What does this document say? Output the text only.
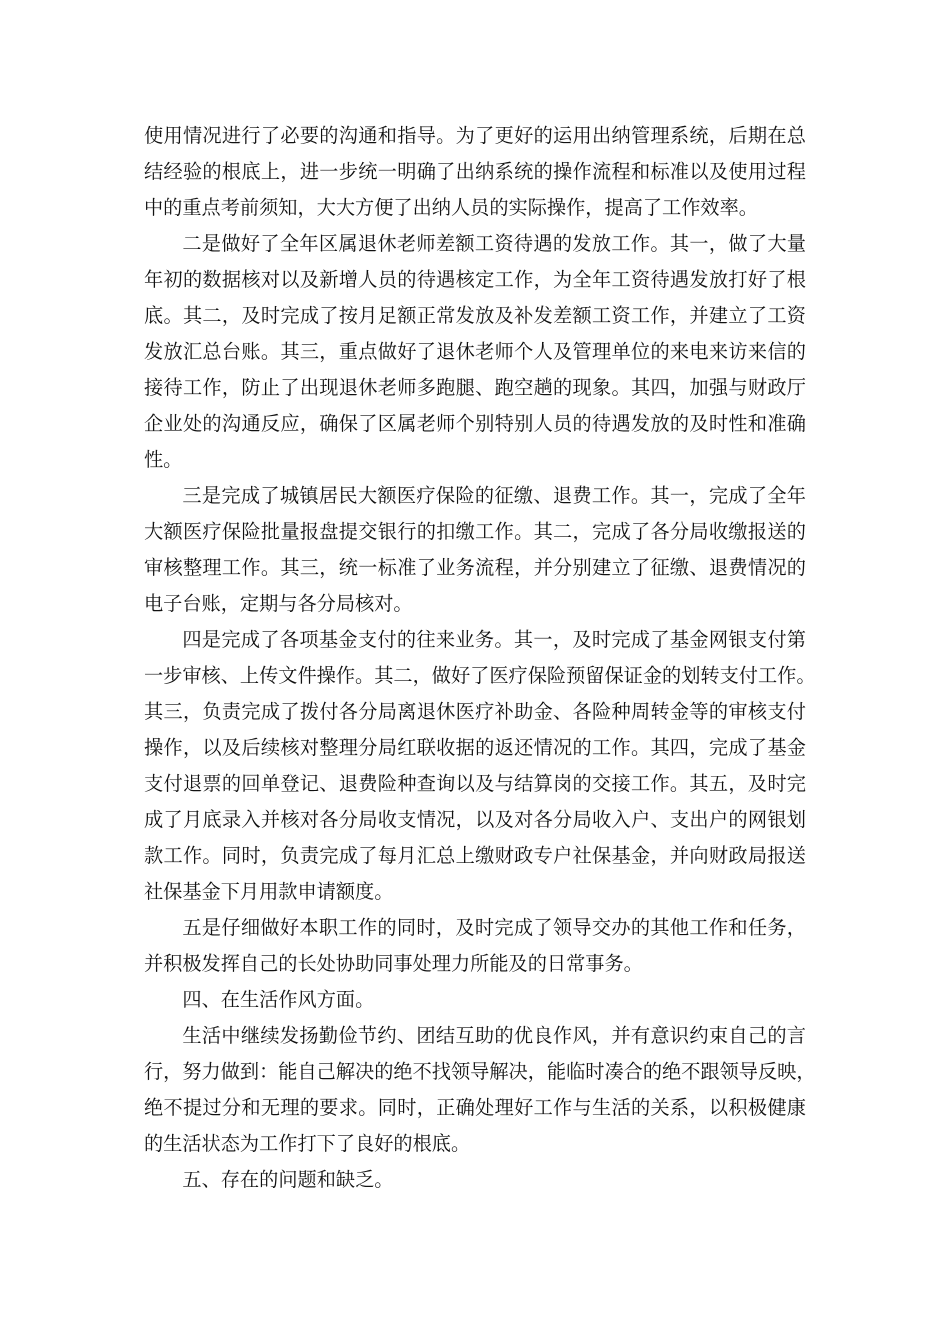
使用情况进行了必要的沟通和指导。为了更好的运用出纳管理系统，后期在总
结经验的根底上，进一步统一明确了出纳系统的操作流程和标准以及使用过程
中的重点考前须知，大大方便了出纳人员的实际操作，提高了工作效率。

二是做好了全年区属退休老师差额工资待遇的发放工作。其一，做了大量
年初的数据核对以及新增人员的待遇核定工作，为全年工资待遇发放打好了根
底。其二，及时完成了按月足额正常发放及补发差额工资工作，并建立了工资
发放汇总台账。其三，重点做好了退休老师个人及管理单位的来电来访来信的
接待工作，防止了出现退休老师多跑腿、跑空趟的现象。其四，加强与财政厅
企业处的沟通反应，确保了区属老师个别特别人员的待遇发放的及时性和准确
性。

三是完成了城镇居民大额医疗保险的征缴、退费工作。其一，完成了全年
大额医疗保险批量报盘提交银行的扣缴工作。其二，完成了各分局收缴报送的
审核整理工作。其三，统一标准了业务流程，并分别建立了征缴、退费情况的
电子台账，定期与各分局核对。

四是完成了各项基金支付的往来业务。其一，及时完成了基金网银支付第
一步审核、上传文件操作。其二，做好了医疗保险预留保证金的划转支付工作。
其三，负责完成了拨付各分局离退休医疗补助金、各险种周转金等的审核支付
操作，以及后续核对整理分局红联收据的返还情况的工作。其四，完成了基金
支付退票的回单登记、退费险种查询以及与结算岗的交接工作。其五，及时完
成了月底录入并核对各分局收支情况，以及对各分局收入户、支出户的网银划
款工作。同时，负责完成了每月汇总上缴财政专户社保基金，并向财政局报送
社保基金下月用款申请额度。

五是仔细做好本职工作的同时，及时完成了领导交办的其他工作和任务，
并积极发挥自己的长处协助同事处理力所能及的日常事务。

四、在生活作风方面。

生活中继续发扬勤俭节约、团结互助的优良作风，并有意识约束自己的言
行，努力做到：能自己解决的绝不找领导解决，能临时凑合的绝不跟领导反映，
绝不提过分和无理的要求。同时，正确处理好工作与生活的关系，以积极健康
的生活状态为工作打下了良好的根底。

五、存在的问题和缺乏。
